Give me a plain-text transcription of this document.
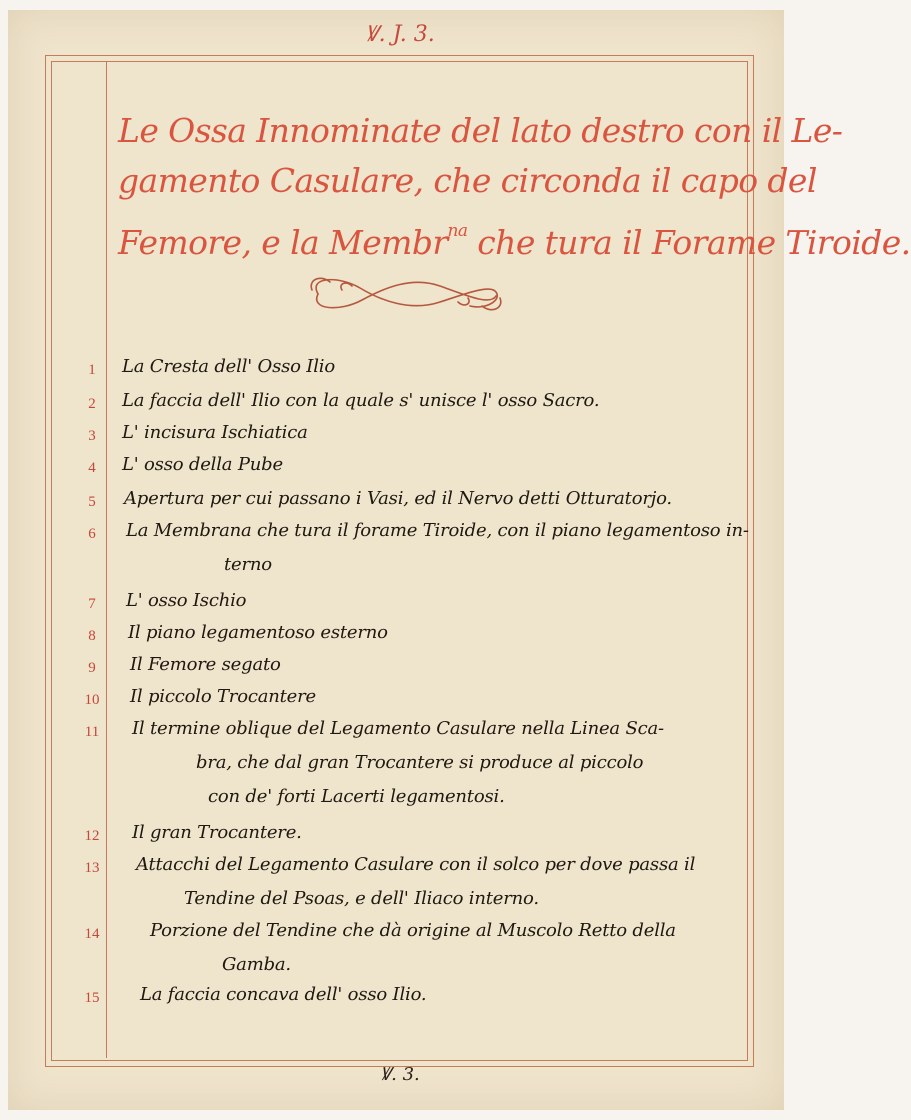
Ꝟ. J. 3.
Le Ossa Innominate del lato destro con il Le-
gamento Casulare, che circonda il capo del
Femore, e la Membr$^{na}$ che tura il Forame Tiroide.
1	La Cresta dell' Osso Ilio
2	La faccia dell' Ilio con la quale s' unisce l' osso Sacro.
3	L' incisura Ischiatica
4	L' osso della Pube
5	Apertura per cui passano i Vasi, ed il Nervo detti Otturatorjo.
6	La Membrana che tura il forame Tiroide, con il piano legamentoso in-
terno
7	L' osso Ischio
8	Il piano legamentoso esterno
9	Il Femore segato
10	Il piccolo Trocantere
11	Il termine oblique del Legamento Casulare nella Linea Sca-
bra, che dal gran Trocantere si produce al piccolo
con de' forti Lacerti legamentosi.
12	Il gran Trocantere.
13	Attacchi del Legamento Casulare con il solco per dove passa il
Tendine del Psoas, e dell' Iliaco interno.
14	Porzione del Tendine che dà origine al Muscolo Retto della
Gamba.
15	La faccia concava dell' osso Ilio.
Ꝟ. 3.
